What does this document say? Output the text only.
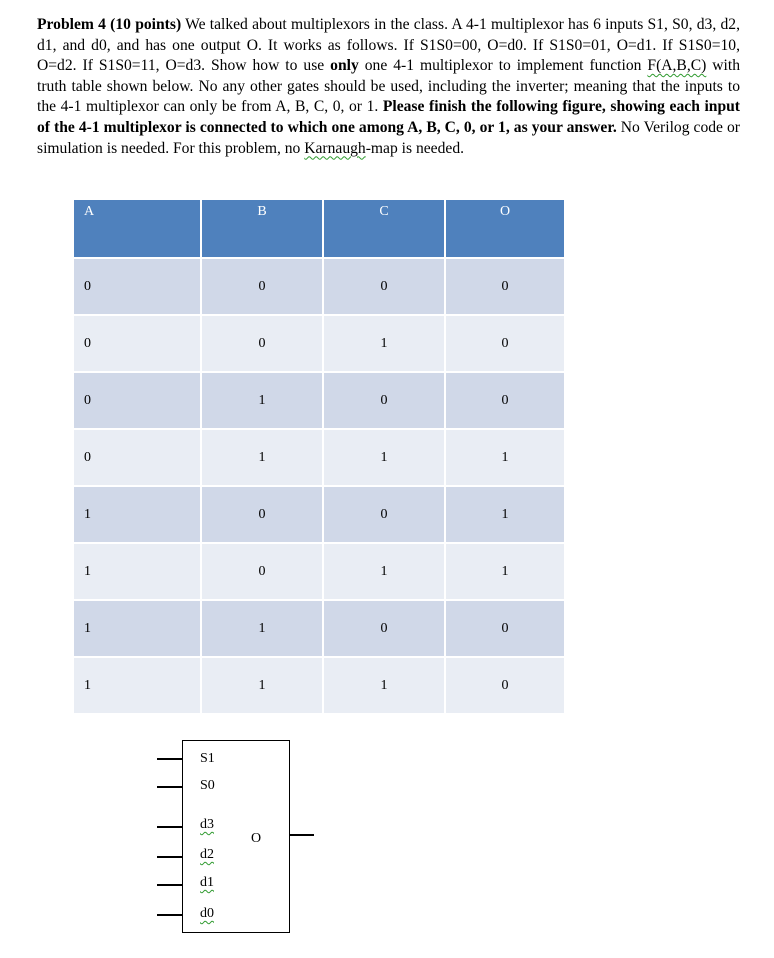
Problem 4 (10 points) We talked about multiplexors in the class. A 4-1 multiplexor has 6 inputs S1, S0, d3, d2, d1, and d0, and has one output O. It works as follows. If S1S0=00, O=d0. If S1S0=01, O=d1. If S1S0=10, O=d2. If S1S0=11, O=d3. Show how to use only one 4-1 multiplexor to implement function F(A,B,C) with truth table shown below. No any other gates should be used, including the inverter; meaning that the inputs to the 4-1 multiplexor can only be from A, B, C, 0, or 1. Please finish the following figure, showing each input of the 4-1 multiplexor is connected to which one among A, B, C, 0, or 1, as your answer. No Verilog code or simulation is needed. For this problem, no Karnaugh-map is needed.
A	B	C	O
0	0	0	0
0	0	1	0
0	1	0	0
0	1	1	1
1	0	0	1
1	0	1	1
1	1	0	0
1	1	1	0
S1
S0
d3
d2
d1
d0
O
